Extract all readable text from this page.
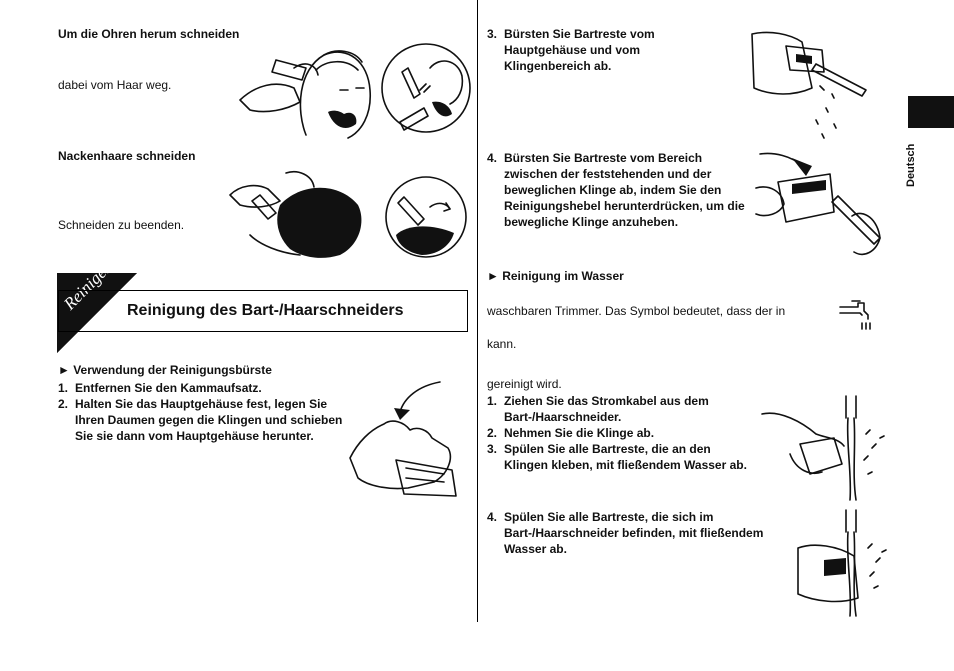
Deutsch
Um die Ohren herum schneiden
dabei vom Haar weg.
Nackenhaare schneiden
Schneiden zu beenden.
Reinigen Reinigung des Bart-/Haarschneiders
► Verwendung der Reinigungsbürste
1. Entfernen Sie den Kammaufsatz.
2. Halten Sie das Hauptgehäuse fest, legen Sie Ihren Daumen gegen die Klingen und schieben Sie sie dann vom Hauptgehäuse herunter.
3. Bürsten Sie Bartreste vom Hauptgehäuse und vom Klingenbereich ab.
4. Bürsten Sie Bartreste vom Bereich zwischen der feststehenden und der beweglichen Klinge ab, indem Sie den Reinigungshebel herunterdrücken, um die bewegliche Klinge anzuheben.
► Reinigung im Wasser
waschbaren Trimmer. Das Symbol bedeutet, dass der in
kann.
gereinigt wird.
1. Ziehen Sie das Stromkabel aus dem Bart-/Haarschneider.
2. Nehmen Sie die Klinge ab.
3. Spülen Sie alle Bartreste, die an den Klingen kleben, mit fließendem Wasser ab.
4. Spülen Sie alle Bartreste, die sich im Bart-/Haarschneider befinden, mit fließendem Wasser ab.
